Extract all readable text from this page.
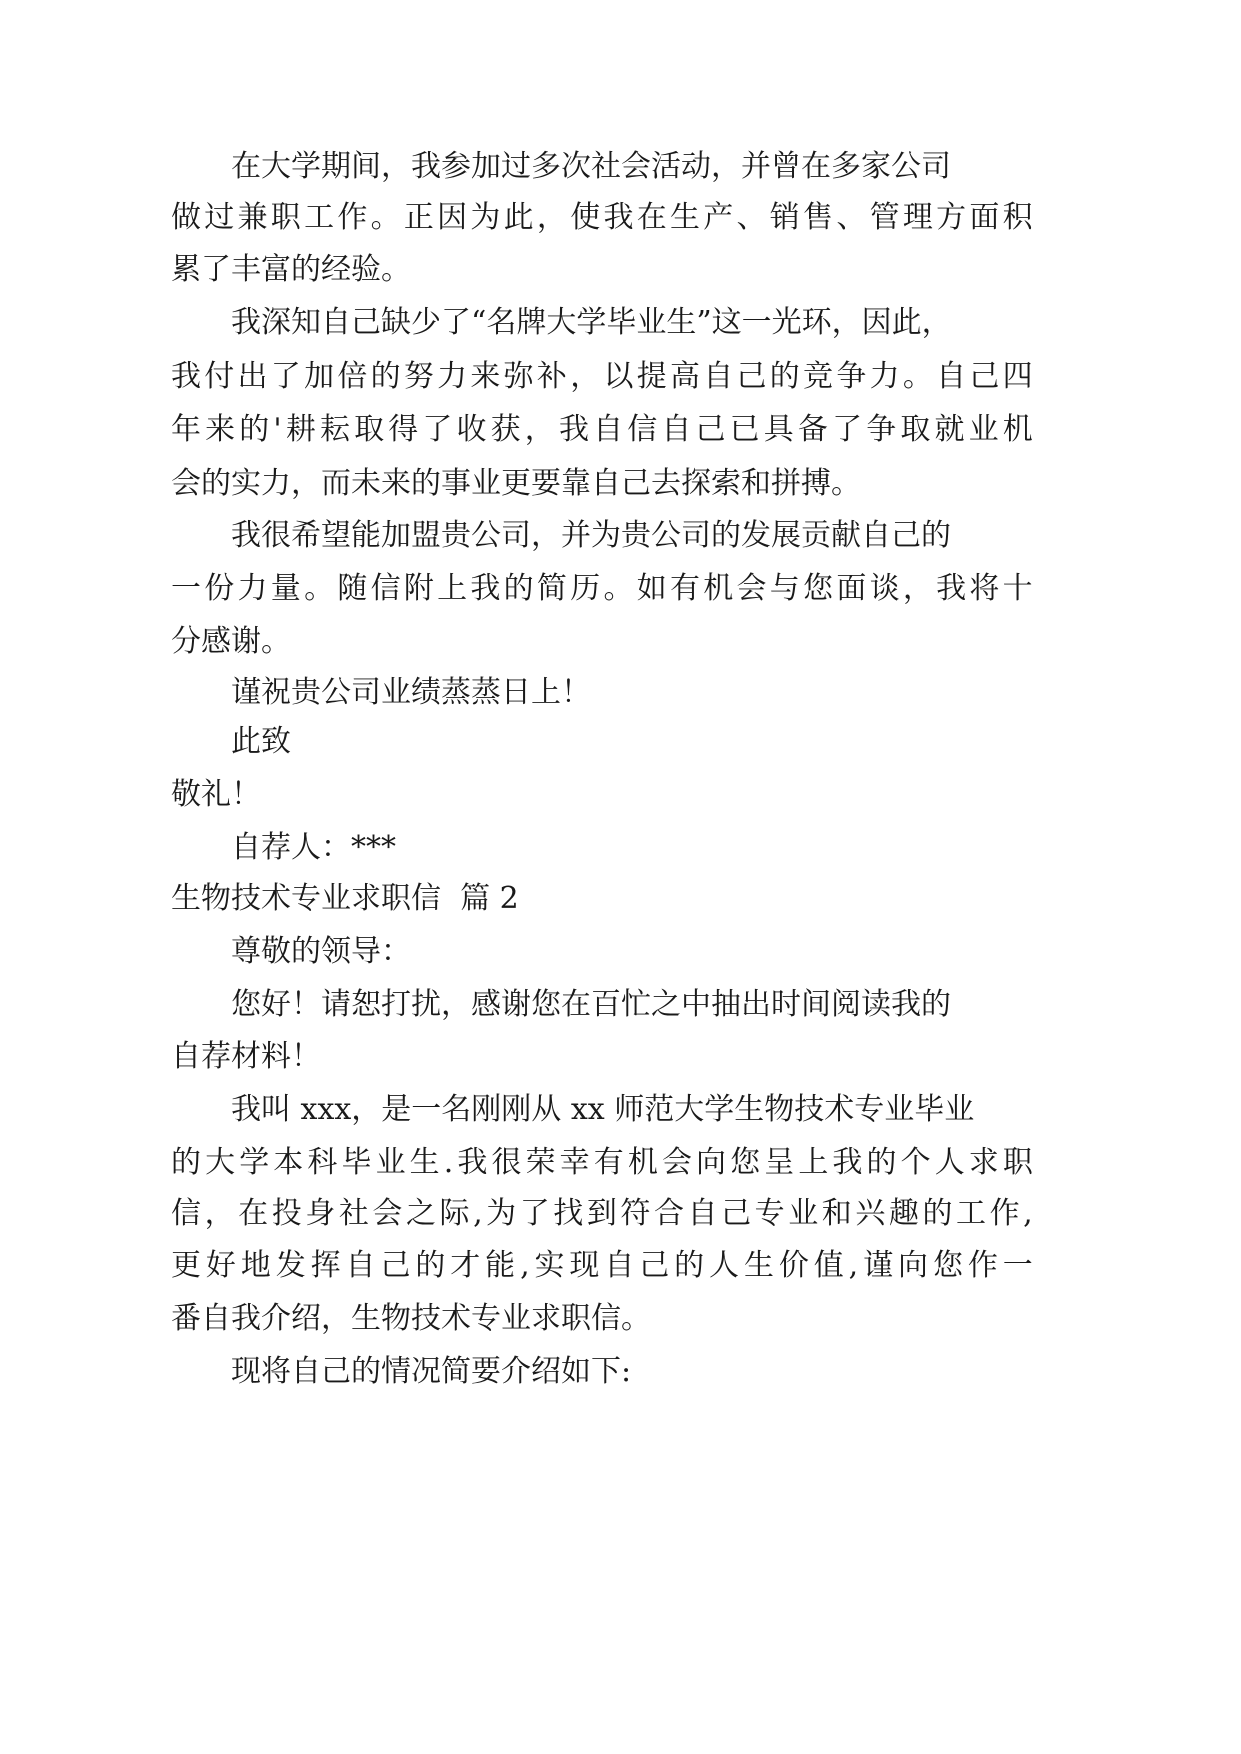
在大学期间，我参加过多次社会活动，并曾在多家公司
做 过 兼 职 工 作 。 正 因 为 此 ， 使 我 在 生 产 、 销 售 、 管 理 方 面 积
累了丰富的经验。
我深知自己缺少了“名牌大学毕业生”这一光环，因此，
我 付 出 了 加 倍 的 努 力 来 弥 补 ， 以 提 高 自 己 的 竞 争 力 。 自 己 四
年 来 的 ' 耕 耘 取 得 了 收 获 ， 我 自 信 自 己 已 具 备 了 争 取 就 业 机
会的实力，而未来的事业更要靠自己去探索和拼搏。
我很希望能加盟贵公司，并为贵公司的发展贡献自己的
一 份 力 量 。 随 信 附 上 我 的 简 历 。 如 有 机 会 与 您 面 谈 ， 我 将 十
分感谢。
谨祝贵公司业绩蒸蒸日上！
此致
敬礼！
自荐人：***
生物技术专业求职信  篇 2
尊敬的领导：
您好！请恕打扰，感谢您在百忙之中抽出时间阅读我的
自荐材料！
我叫 xxx，是一名刚刚从 xx 师范大学生物技术专业毕业
的 大 学 本 科 毕 业 生 . 我 很 荣 幸 有 机 会 向 您 呈 上 我 的 个 人 求 职
信 ， 在 投 身 社 会 之 际 , 为 了 找 到 符 合 自 己 专 业 和 兴 趣 的 工 作 ,
更 好 地 发 挥 自 己 的 才 能 , 实 现 自 己 的 人 生 价 值 , 谨 向 您 作 一
番自我介绍，生物技术专业求职信。
现将自己的情况简要介绍如下:
